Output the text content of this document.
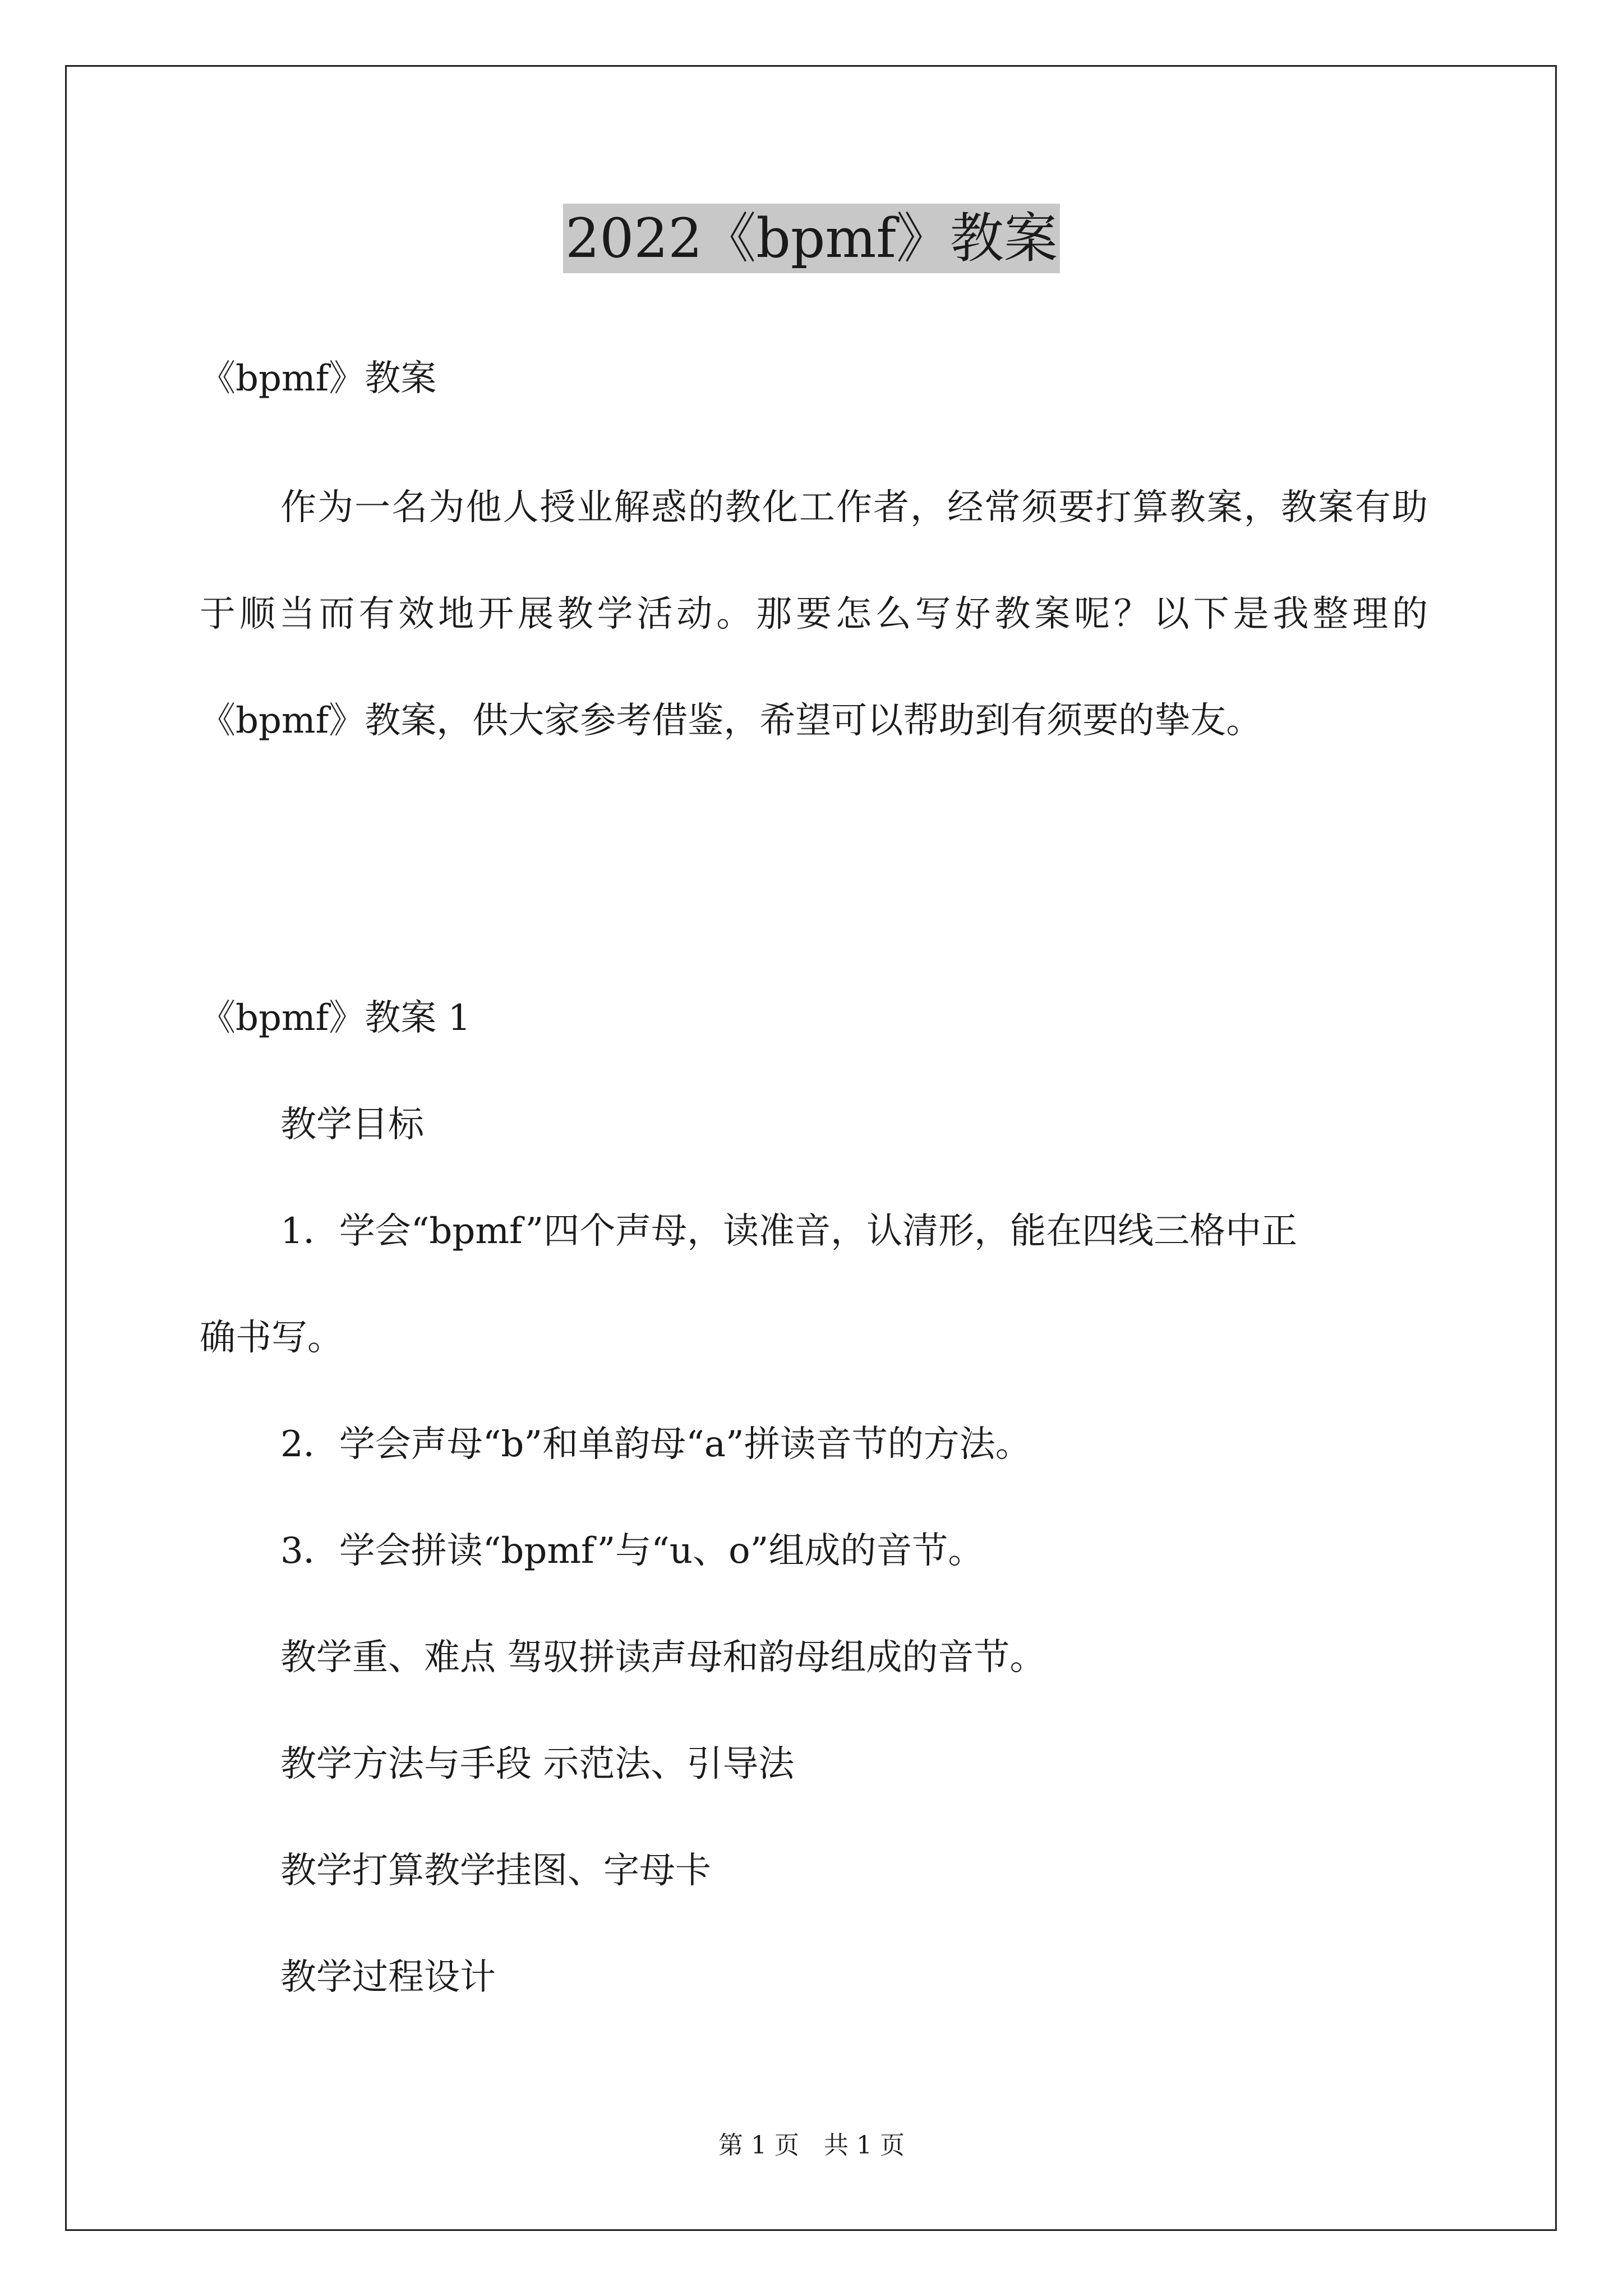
2022《bpmf》教案
《bpmf》教案

作为一名为他人授业解惑的教化工作者，经常须要打算教案，教案有助于顺当而有效地开展教学活动。那要怎么写好教案呢？以下是我整理的《bpmf》教案，供大家参考借鉴，希望可以帮助到有须要的挚友。

《bpmf》教案 1
教学目标
1．学会“bpmf”四个声母，读准音，认清形，能在四线三格中正
确书写。
2．学会声母“b”和单韵母“a”拼读音节的方法。
3．学会拼读“bpmf”与“u、o”组成的音节。
教学重、难点 驾驭拼读声母和韵母组成的音节。
教学方法与手段 示范法、引导法
教学打算教学挂图、字母卡
教学过程设计
第 1 页　共 1 页
